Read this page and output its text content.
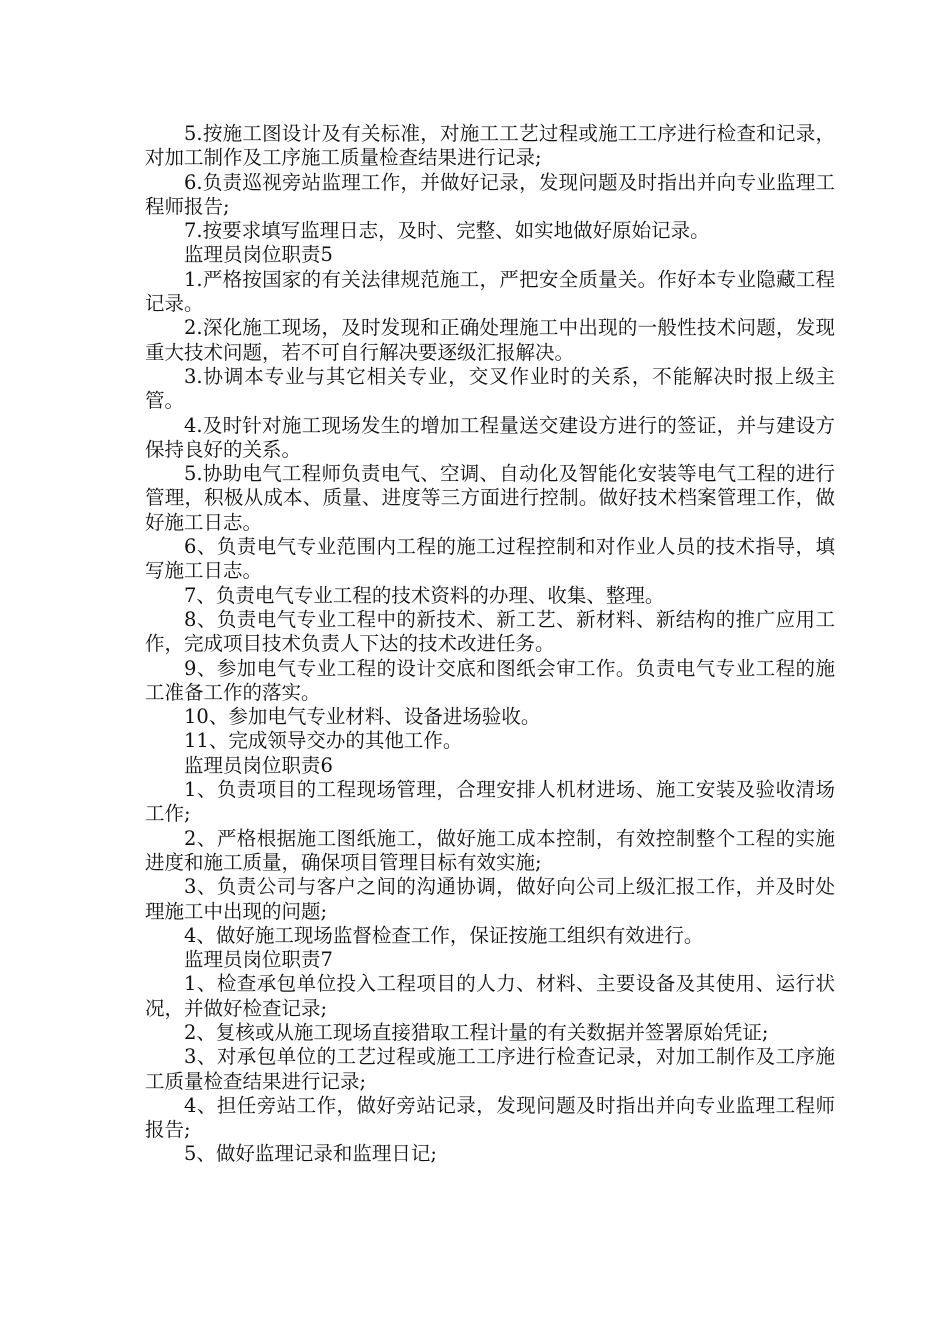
5.按施工图设计及有关标准，对施工工艺过程或施工工序进行检查和记录，对加工制作及工序施工质量检查结果进行记录;

6.负责巡视旁站监理工作，并做好记录，发现问题及时指出并向专业监理工程师报告;

7.按要求填写监理日志，及时、完整、如实地做好原始记录。

监理员岗位职责5

1.严格按国家的有关法律规范施工，严把安全质量关。作好本专业隐藏工程记录。

2.深化施工现场，及时发现和正确处理施工中出现的一般性技术问题，发现重大技术问题，若不可自行解决要逐级汇报解决。

3.协调本专业与其它相关专业，交叉作业时的关系，不能解决时报上级主管。

4.及时针对施工现场发生的增加工程量送交建设方进行的签证，并与建设方保持良好的关系。

5.协助电气工程师负责电气、空调、自动化及智能化安装等电气工程的进行管理，积极从成本、质量、进度等三方面进行控制。做好技术档案管理工作，做好施工日志。

6、负责电气专业范围内工程的施工过程控制和对作业人员的技术指导，填写施工日志。

7、负责电气专业工程的技术资料的办理、收集、整理。

8、负责电气专业工程中的新技术、新工艺、新材料、新结构的推广应用工作，完成项目技术负责人下达的技术改进任务。

9、参加电气专业工程的设计交底和图纸会审工作。负责电气专业工程的施工准备工作的落实。

10、参加电气专业材料、设备进场验收。

11、完成领导交办的其他工作。

监理员岗位职责6

1、负责项目的工程现场管理，合理安排人机材进场、施工安装及验收清场工作;

2、严格根据施工图纸施工，做好施工成本控制，有效控制整个工程的实施进度和施工质量，确保项目管理目标有效实施;

3、负责公司与客户之间的沟通协调，做好向公司上级汇报工作，并及时处理施工中出现的问题;

4、做好施工现场监督检查工作，保证按施工组织有效进行。

监理员岗位职责7

1、检查承包单位投入工程项目的人力、材料、主要设备及其使用、运行状况，并做好检查记录;

2、复核或从施工现场直接猎取工程计量的有关数据并签署原始凭证;

3、对承包单位的工艺过程或施工工序进行检查记录，对加工制作及工序施工质量检查结果进行记录;

4、担任旁站工作，做好旁站记录，发现问题及时指出并向专业监理工程师报告;

5、做好监理记录和监理日记;
